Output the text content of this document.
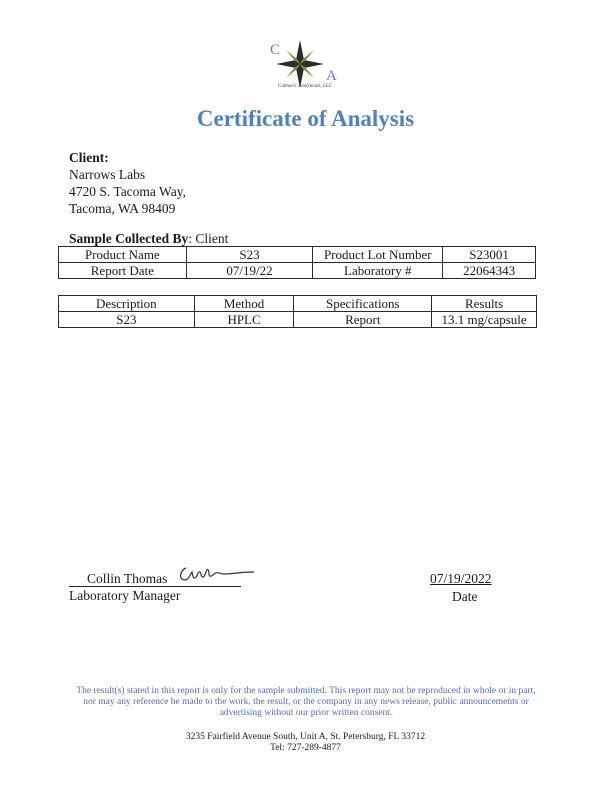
C
A
Colmaric Analyticals, LLC
Certificate of Analysis
Client:
Narrows Labs
4720 S. Tacoma Way,
Tacoma, WA 98409
Sample Collected By: Client
Product Name	S23	Product Lot Number	S23001
Report Date	07/19/22	Laboratory #	22064343
Description	Method	Specifications	Results
S23	HPLC	Report	13.1 mg/capsule
Collin Thomas
Laboratory Manager
07/19/2022
Date
The result(s) stated in this report is only for the sample submitted. This report may not be reproduced in whole or in part, nor may any reference be made to the work, the result, or the company in any news release, public announcements or advertising without our prior written consent.
3235 Fairfield Avenue South, Unit A, St. Petersburg, FL 33712
Tel: 727-289-4877
